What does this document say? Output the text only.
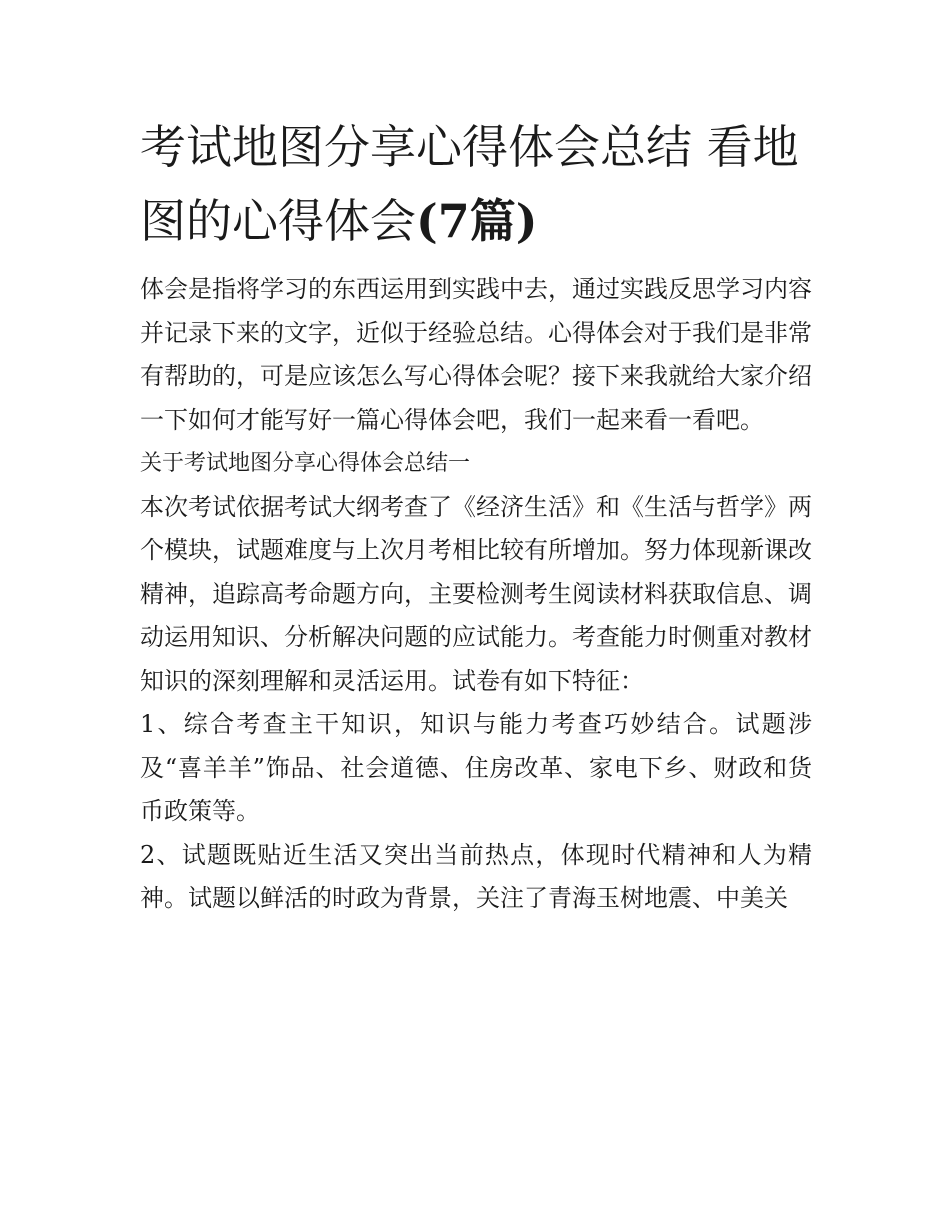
考试地图分享心得体会总结 看地图的心得体会(7篇)

体会是指将学习的东西运用到实践中去，通过实践反思学习内容并记录下来的文字，近似于经验总结。心得体会对于我们是非常有帮助的，可是应该怎么写心得体会呢？接下来我就给大家介绍一下如何才能写好一篇心得体会吧，我们一起来看一看吧。

关于考试地图分享心得体会总结一

本次考试依据考试大纲考查了《经济生活》和《生活与哲学》两个模块，试题难度与上次月考相比较有所增加。努力体现新课改精神，追踪高考命题方向，主要检测考生阅读材料获取信息、调动运用知识、分析解决问题的应试能力。考查能力时侧重对教材知识的深刻理解和灵活运用。试卷有如下特征：

1、综合考查主干知识，知识与能力考查巧妙结合。试题涉及“喜羊羊”饰品、社会道德、住房改革、家电下乡、财政和货币政策等。

2、试题既贴近生活又突出当前热点，体现时代精神和人为精神。试题以鲜活的时政为背景，关注了青海玉树地震、中美关
